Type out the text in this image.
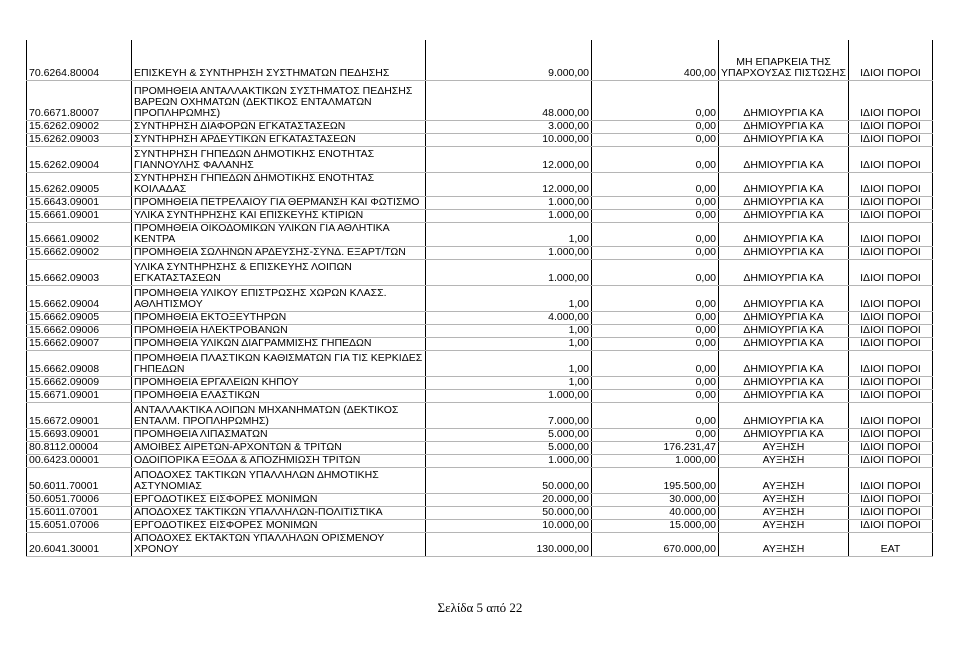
70.6264.80004	ΕΠΙΣΚΕΥΗ & ΣΥΝΤΗΡΗΣΗ ΣΥΣΤΗΜΑΤΩΝ ΠΕΔΗΣΗΣ	9.000,00	400,00	ΜΗ ΕΠΑΡΚΕΙΑ ΤΗΣ ΥΠΑΡΧΟΥΣΑΣ ΠΙΣΤΩΣΗΣ	ΙΔΙΟΙ ΠΟΡΟΙ
70.6671.80007	ΠΡΟΜΗΘΕΙΑ ΑΝΤΑΛΛΑΚΤΙΚΩΝ ΣΥΣΤΗΜΑΤΟΣ ΠΕΔΗΣΗΣ ΒΑΡΕΩΝ ΟΧΗΜΑΤΩΝ (ΔΕΚΤΙΚΟΣ ΕΝΤΑΛΜΑΤΩΝ ΠΡΟΠΛΗΡΩΜΗΣ)	48.000,00	0,00	ΔΗΜΙΟΥΡΓΙΑ ΚΑ	ΙΔΙΟΙ ΠΟΡΟΙ
15.6262.09002	ΣΥΝΤΗΡΗΣΗ ΔΙΑΦΟΡΩΝ ΕΓΚΑΤΑΣΤΑΣΕΩΝ	3.000,00	0,00	ΔΗΜΙΟΥΡΓΙΑ ΚΑ	ΙΔΙΟΙ ΠΟΡΟΙ
15.6262.09003	ΣΥΝΤΗΡΗΣΗ ΑΡΔΕΥΤΙΚΩΝ ΕΓΚΑΤΑΣΤΑΣΕΩΝ	10.000,00	0,00	ΔΗΜΙΟΥΡΓΙΑ ΚΑ	ΙΔΙΟΙ ΠΟΡΟΙ
15.6262.09004	ΣΥΝΤΗΡΗΣΗ ΓΗΠΕΔΩΝ ΔΗΜΟΤΙΚΗΣ ΕΝΟΤΗΤΑΣ ΓΙΑΝΝΟΥΛΗΣ ΦΑΛΑΝΗΣ	12.000,00	0,00	ΔΗΜΙΟΥΡΓΙΑ ΚΑ	ΙΔΙΟΙ ΠΟΡΟΙ
15.6262.09005	ΣΥΝΤΗΡΗΣΗ ΓΗΠΕΔΩΝ ΔΗΜΟΤΙΚΗΣ ΕΝΟΤΗΤΑΣ ΚΟΙΛΑΔΑΣ	12.000,00	0,00	ΔΗΜΙΟΥΡΓΙΑ ΚΑ	ΙΔΙΟΙ ΠΟΡΟΙ
15.6643.09001	ΠΡΟΜΗΘΕΙΑ ΠΕΤΡΕΛΑΙΟΥ ΓΙΑ ΘΕΡΜΑΝΣΗ ΚΑΙ ΦΩΤΙΣΜΟ	1.000,00	0,00	ΔΗΜΙΟΥΡΓΙΑ ΚΑ	ΙΔΙΟΙ ΠΟΡΟΙ
15.6661.09001	ΥΛΙΚΑ ΣΥΝΤΗΡΗΣΗΣ ΚΑΙ ΕΠΙΣΚΕΥΗΣ ΚΤΙΡΙΩΝ	1.000,00	0,00	ΔΗΜΙΟΥΡΓΙΑ ΚΑ	ΙΔΙΟΙ ΠΟΡΟΙ
15.6661.09002	ΠΡΟΜΗΘΕΙΑ ΟΙΚΟΔΟΜΙΚΩΝ ΥΛΙΚΩΝ ΓΙΑ ΑΘΛΗΤΙΚΑ ΚΕΝΤΡΑ	1,00	0,00	ΔΗΜΙΟΥΡΓΙΑ ΚΑ	ΙΔΙΟΙ ΠΟΡΟΙ
15.6662.09002	ΠΡΟΜΗΘΕΙΑ ΣΩΛΗΝΩΝ ΑΡΔΕΥΣΗΣ-ΣΥΝΔ. ΕΞΑΡΤ/ΤΩΝ	1.000,00	0,00	ΔΗΜΙΟΥΡΓΙΑ ΚΑ	ΙΔΙΟΙ ΠΟΡΟΙ
15.6662.09003	ΥΛΙΚΑ ΣΥΝΤΗΡΗΣΗΣ & ΕΠΙΣΚΕΥΗΣ ΛΟΙΠΩΝ ΕΓΚΑΤΑΣΤΑΣΕΩΝ	1.000,00	0,00	ΔΗΜΙΟΥΡΓΙΑ ΚΑ	ΙΔΙΟΙ ΠΟΡΟΙ
15.6662.09004	ΠΡΟΜΗΘΕΙΑ ΥΛΙΚΟΥ ΕΠΙΣΤΡΩΣΗΣ ΧΩΡΩΝ ΚΛΑΣΣ. ΑΘΛΗΤΙΣΜΟΥ	1,00	0,00	ΔΗΜΙΟΥΡΓΙΑ ΚΑ	ΙΔΙΟΙ ΠΟΡΟΙ
15.6662.09005	ΠΡΟΜΗΘΕΙΑ ΕΚΤΟΞΕΥΤΗΡΩΝ	4.000,00	0,00	ΔΗΜΙΟΥΡΓΙΑ ΚΑ	ΙΔΙΟΙ ΠΟΡΟΙ
15.6662.09006	ΠΡΟΜΗΘΕΙΑ ΗΛΕΚΤΡΟΒΑΝΩΝ	1,00	0,00	ΔΗΜΙΟΥΡΓΙΑ ΚΑ	ΙΔΙΟΙ ΠΟΡΟΙ
15.6662.09007	ΠΡΟΜΗΘΕΙΑ ΥΛΙΚΩΝ ΔΙΑΓΡΑΜΜΙΣΗΣ ΓΗΠΕΔΩΝ	1,00	0,00	ΔΗΜΙΟΥΡΓΙΑ ΚΑ	ΙΔΙΟΙ ΠΟΡΟΙ
15.6662.09008	ΠΡΟΜΗΘΕΙΑ ΠΛΑΣΤΙΚΩΝ ΚΑΘΙΣΜΑΤΩΝ ΓΙΑ ΤΙΣ ΚΕΡΚΙΔΕΣ ΓΗΠΕΔΩΝ	1,00	0,00	ΔΗΜΙΟΥΡΓΙΑ ΚΑ	ΙΔΙΟΙ ΠΟΡΟΙ
15.6662.09009	ΠΡΟΜΗΘΕΙΑ ΕΡΓΑΛΕΙΩΝ ΚΗΠΟΥ	1,00	0,00	ΔΗΜΙΟΥΡΓΙΑ ΚΑ	ΙΔΙΟΙ ΠΟΡΟΙ
15.6671.09001	ΠΡΟΜΗΘΕΙΑ ΕΛΑΣΤΙΚΩΝ	1.000,00	0,00	ΔΗΜΙΟΥΡΓΙΑ ΚΑ	ΙΔΙΟΙ ΠΟΡΟΙ
15.6672.09001	ΑΝΤΑΛΛΑΚΤΙΚΑ ΛΟΙΠΩΝ ΜΗΧΑΝΗΜΑΤΩΝ (ΔΕΚΤΙΚΟΣ ΕΝΤΑΛΜ. ΠΡΟΠΛΗΡΩΜΗΣ)	7.000,00	0,00	ΔΗΜΙΟΥΡΓΙΑ ΚΑ	ΙΔΙΟΙ ΠΟΡΟΙ
15.6693.09001	ΠΡΟΜΗΘΕΙΑ ΛΙΠΑΣΜΑΤΩΝ	5.000,00	0,00	ΔΗΜΙΟΥΡΓΙΑ ΚΑ	ΙΔΙΟΙ ΠΟΡΟΙ
80.8112.00004	ΑΜΟΙΒΕΣ ΑΙΡΕΤΩΝ-ΑΡΧΟΝΤΩΝ & ΤΡΙΤΩΝ	5.000,00	176.231,47	ΑΥΞΗΣΗ	ΙΔΙΟΙ ΠΟΡΟΙ
00.6423.00001	ΟΔΟΙΠΟΡΙΚΑ ΕΞΟΔΑ & ΑΠΟΖΗΜΙΩΣΗ ΤΡΙΤΩΝ	1.000,00	1.000,00	ΑΥΞΗΣΗ	ΙΔΙΟΙ ΠΟΡΟΙ
50.6011.70001	ΑΠΟΔΟΧΕΣ ΤΑΚΤΙΚΩΝ ΥΠΑΛΛΗΛΩΝ ΔΗΜΟΤΙΚΗΣ ΑΣΤΥΝΟΜΙΑΣ	50.000,00	195.500,00	ΑΥΞΗΣΗ	ΙΔΙΟΙ ΠΟΡΟΙ
50.6051.70006	ΕΡΓΟΔΟΤΙΚΕΣ ΕΙΣΦΟΡΕΣ ΜΟΝΙΜΩΝ	20.000,00	30.000,00	ΑΥΞΗΣΗ	ΙΔΙΟΙ ΠΟΡΟΙ
15.6011.07001	ΑΠΟΔΟΧΕΣ ΤΑΚΤΙΚΩΝ ΥΠΑΛΛΗΛΩΝ-ΠΟΛΙΤΙΣΤΙΚΑ	50.000,00	40.000,00	ΑΥΞΗΣΗ	ΙΔΙΟΙ ΠΟΡΟΙ
15.6051.07006	ΕΡΓΟΔΟΤΙΚΕΣ ΕΙΣΦΟΡΕΣ ΜΟΝΙΜΩΝ	10.000,00	15.000,00	ΑΥΞΗΣΗ	ΙΔΙΟΙ ΠΟΡΟΙ
20.6041.30001	ΑΠΟΔΟΧΕΣ ΕΚΤΑΚΤΩΝ ΥΠΑΛΛΗΛΩΝ ΟΡΙΣΜΕΝΟΥ ΧΡΟΝΟΥ	130.000,00	670.000,00	ΑΥΞΗΣΗ	ΕΑΤ
Σελίδα 5 από 22
